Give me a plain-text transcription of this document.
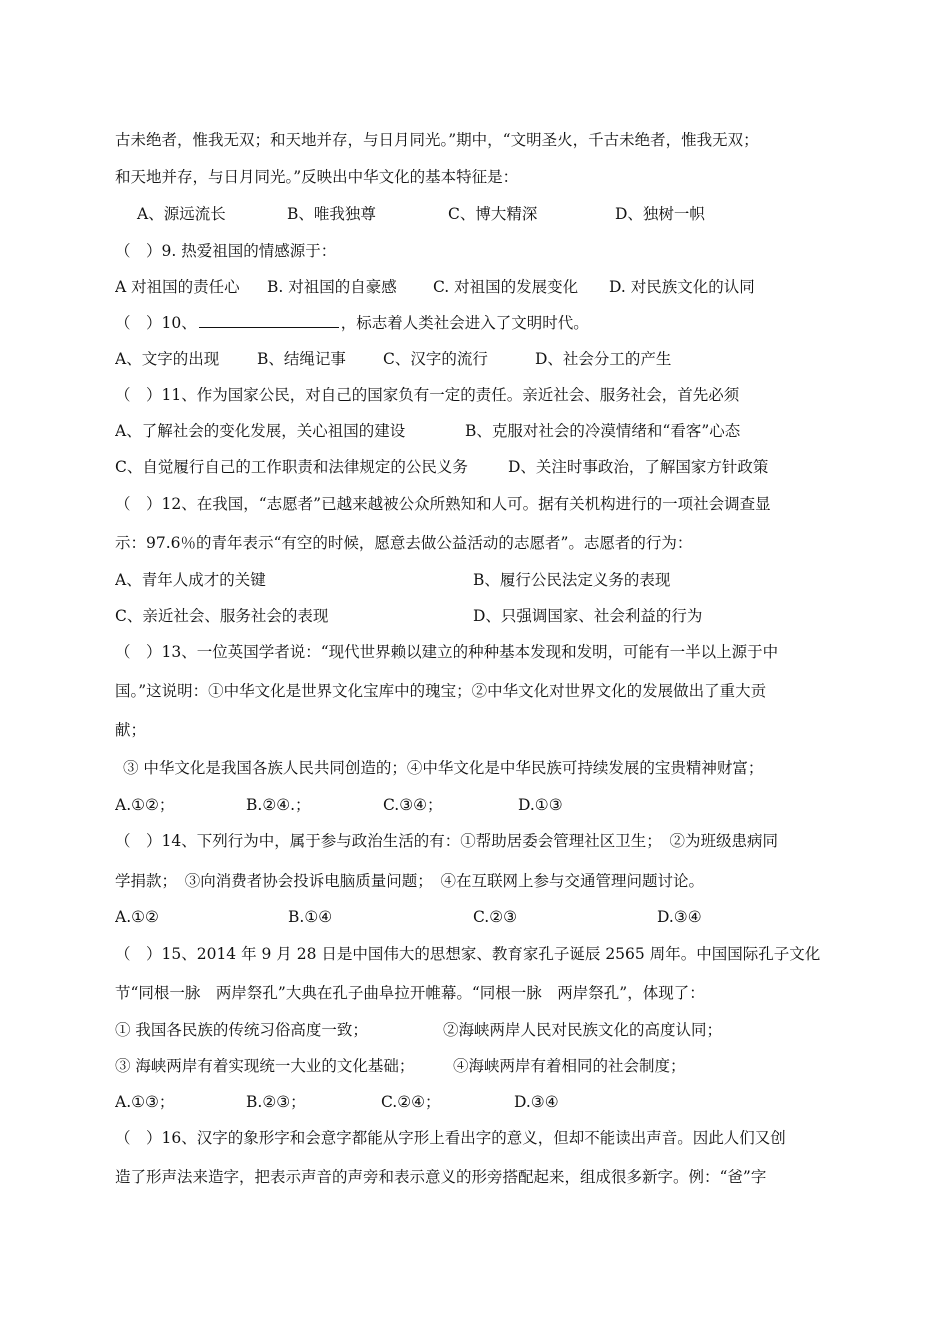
古未绝者，惟我无双；和天地并存，与日月同光。”期中，“文明圣火，千古未绝者，惟我无双；
和天地并存，与日月同光。”反映出中华文化的基本特征是：
A、源远流长	B、唯我独尊	C、博大精深	D、独树一帜
（　）9. 热爱祖国的情感源于：
A 对祖国的责任心 B. 对祖国的自豪感 C. 对祖国的发展变化 D. 对民族文化的认同
（　）10、	，标志着人类社会进入了文明时代。
A、文字的出现 B、结绳记事 C、汉字的流行	D、社会分工的产生
（　）11、作为国家公民，对自己的国家负有一定的责任。亲近社会、服务社会，首先必须
A、了解社会的变化发展，关心祖国的建设	B、克服对社会的冷漠情绪和“看客”心态
C、自觉履行自己的工作职责和法律规定的公民义务	D、关注时事政治，了解国家方针政策
（　）12、在我国，“志愿者”已越来越被公众所熟知和人可。据有关机构进行的一项社会调查显
示：97.6％的青年表示“有空的时候，愿意去做公益活动的志愿者”。志愿者的行为：
A、青年人成才的关键	B、履行公民法定义务的表现
C、亲近社会、服务社会的表现	D、只强调国家、社会利益的行为
（　）13、一位英国学者说：“现代世界赖以建立的种种基本发现和发明，可能有一半以上源于中
国。”这说明：①中华文化是世界文化宝库中的瑰宝；②中华文化对世界文化的发展做出了重大贡
献；
③ 中华文化是我国各族人民共同创造的；④中华文化是中华民族可持续发展的宝贵精神财富；
A.①②；	B.②④.；	C.③④；	D.①③
（　）14、下列行为中，属于参与政治生活的有：①帮助居委会管理社区卫生；　②为班级患病同
学捐款；　③向消费者协会投诉电脑质量问题；　④在互联网上参与交通管理问题讨论。
A.①②	B.①④	C.②③	D.③④
（　）15、2014 年 9 月 28 日是中国伟大的思想家、教育家孔子诞辰 2565 周年。中国国际孔子文化
节“同根一脉　两岸祭孔”大典在孔子曲阜拉开帷幕。“同根一脉　两岸祭孔”，体现了：
① 我国各民族的传统习俗高度一致；	②海峡两岸人民对民族文化的高度认同；
③ 海峡两岸有着实现统一大业的文化基础； ④海峡两岸有着相同的社会制度；
A.①③；	B.②③；	C.②④；	D.③④
（　）16、汉字的象形字和会意字都能从字形上看出字的意义，但却不能读出声音。因此人们又创
造了形声法来造字，把表示声音的声旁和表示意义的形旁搭配起来，组成很多新字。例：“爸”字
